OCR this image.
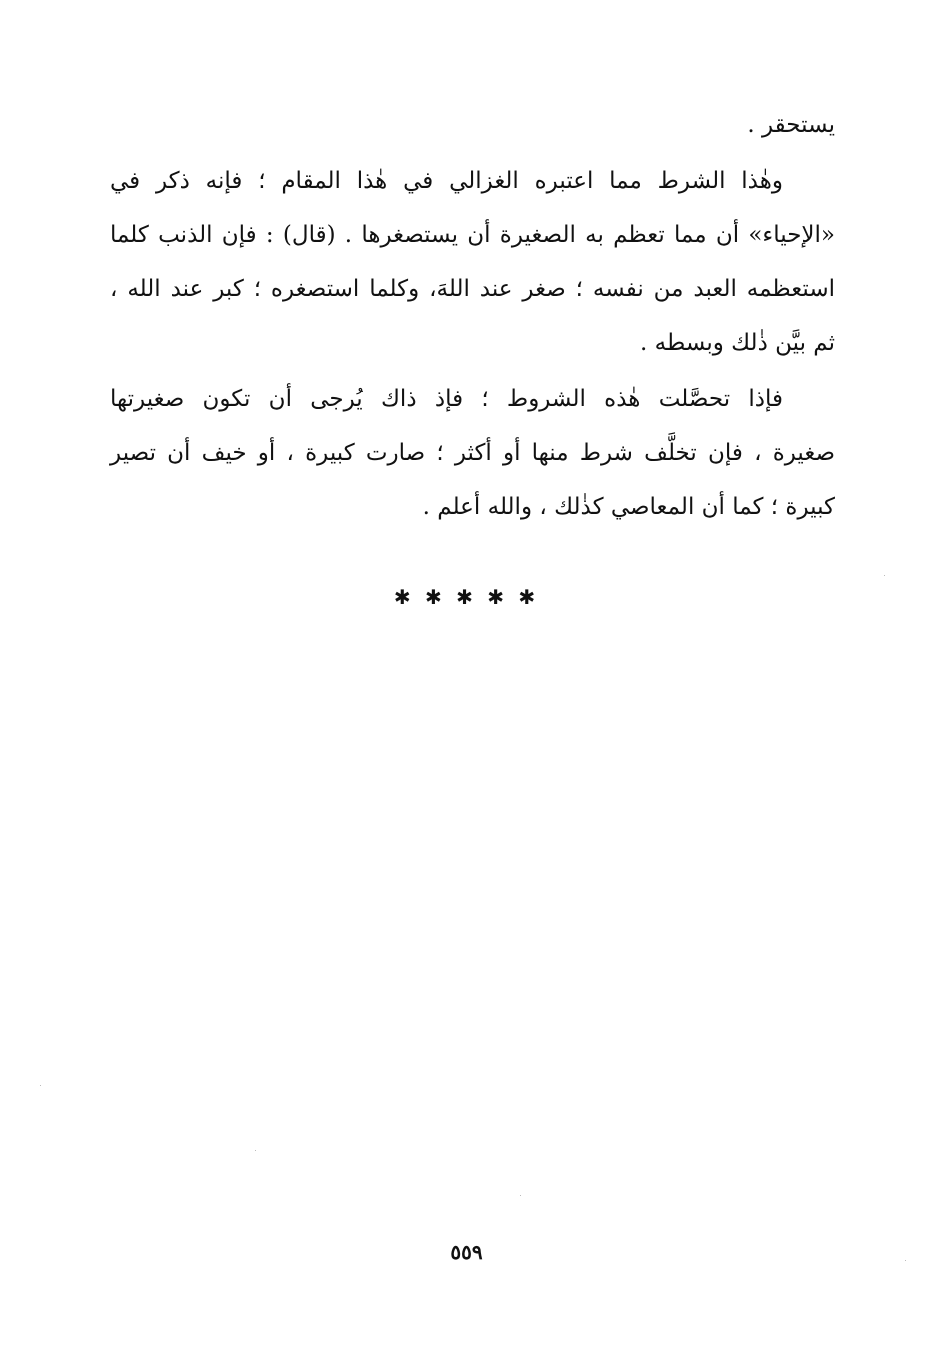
يستحقر .

وهٰذا الشرط مما اعتبره الغزالي في هٰذا المقام ؛ فإنه ذكر في
«الإحياء» أن مما تعظم به الصغيرة أن يستصغرها . (قال) : فإن الذنب كلما
استعظمه العبد من نفسه ؛ صغر عند اللهَ، وكلما استصغره ؛ كبر عند الله ،
ثم بيَّن ذٰلك وبسطه .

فإذا تحصَّلت هٰذه الشروط ؛ فإذ ذاك يُرجى أن تكون صغيرتها
صغيرة ، فإن تخلَّف شرط منها أو أكثر ؛ صارت كبيرة ، أو خيف أن تصير
كبيرة ؛ كما أن المعاصي كذٰلك ، والله أعلم .

✱ ✱ ✱ ✱ ✱
٥٥٩
